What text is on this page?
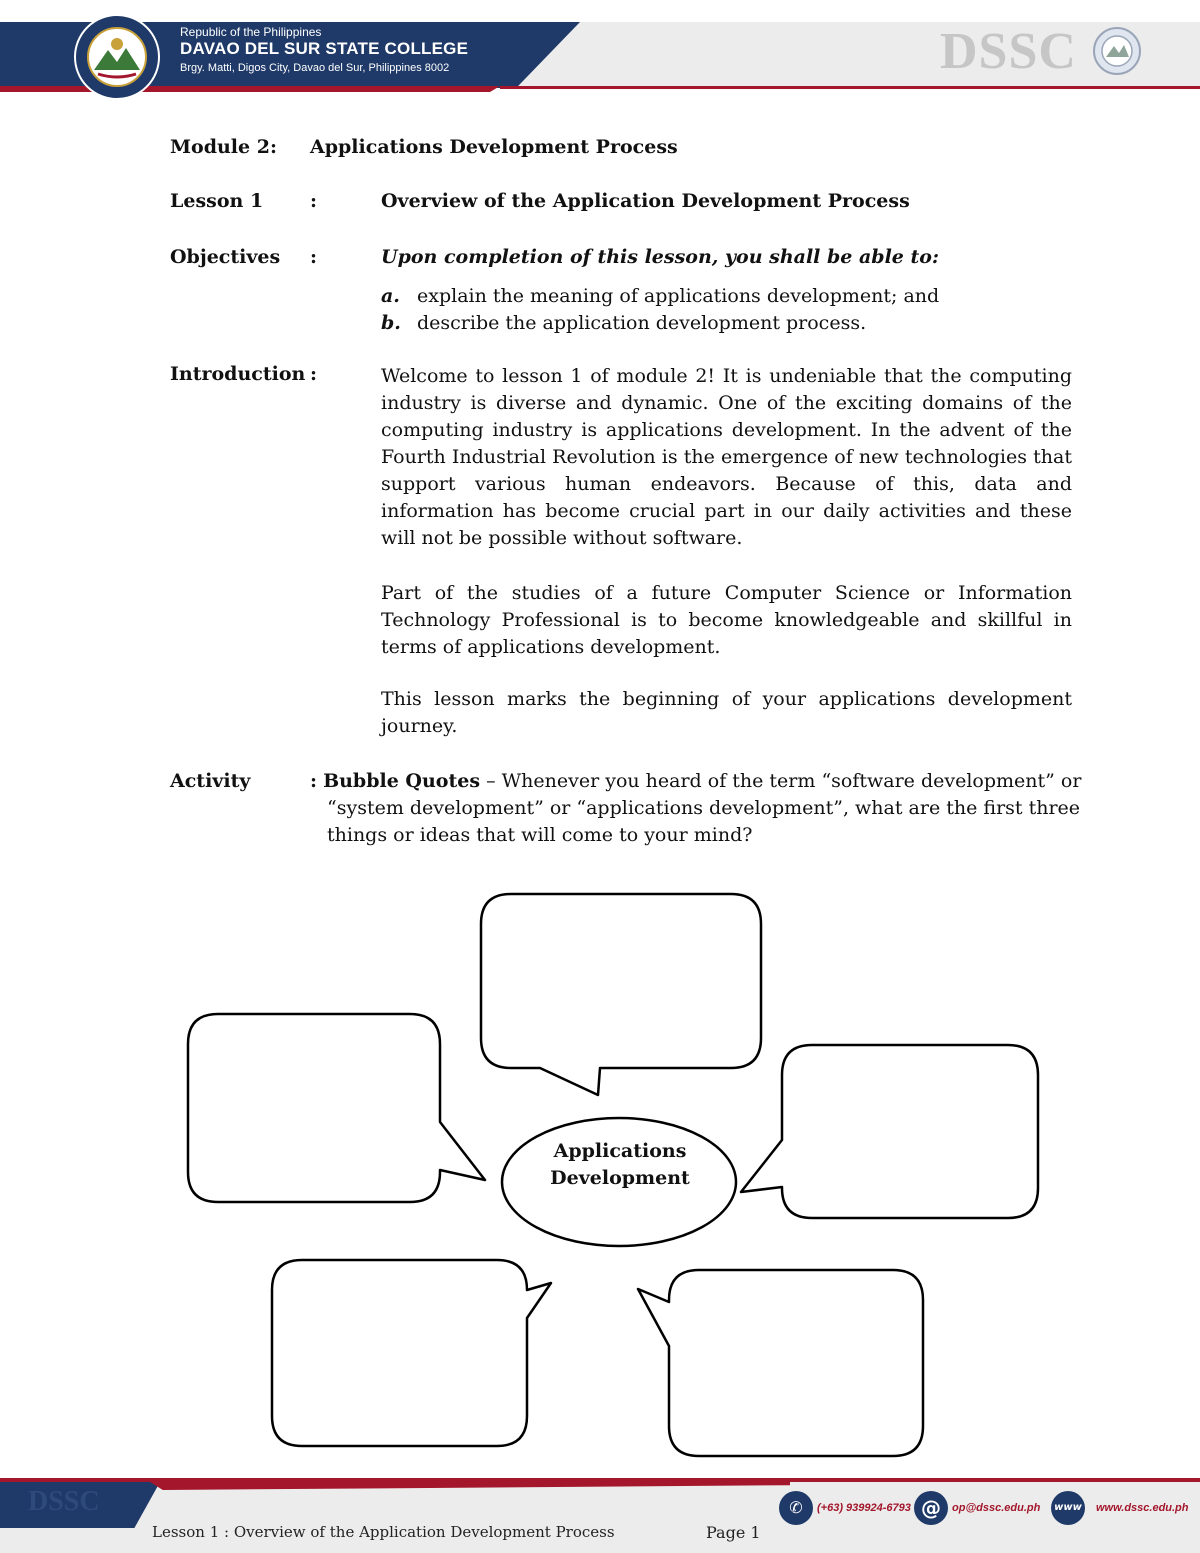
Republic of the Philippines
DAVAO DEL SUR STATE COLLEGE
Brgy. Matti, Digos City, Davao del Sur, Philippines 8002	DSSC
Module 2: Applications Development Process
Lesson 1 :	Overview of the Application Development Process
Objectives :	Upon completion of this lesson, you shall be able to:
a. explain the meaning of applications development; and
b. describe the application development process.
Introduction :	Welcome to lesson 1 of module 2! It is undeniable that the computing industry is diverse and dynamic. One of the exciting domains of the computing industry is applications development. In the advent of the Fourth Industrial Revolution is the emergence of new technologies that support various human endeavors. Because of this, data and information has become crucial part in our daily activities and these will not be possible without software.
Part of the studies of a future Computer Science or Information Technology Professional is to become knowledgeable and skillful in terms of applications development.
This lesson marks the beginning of your applications development journey.
Activity	: Bubble Quotes – Whenever you heard of the term “software development” or
“system development” or “applications development”, what are the first three
things or ideas that will come to your mind?
Applications
Development
DSSC
Lesson 1 : Overview of the Application Development Process	Page 1
✆	(+63) 939924-6793 @	op@dssc.edu.ph	www www.dssc.edu.ph
